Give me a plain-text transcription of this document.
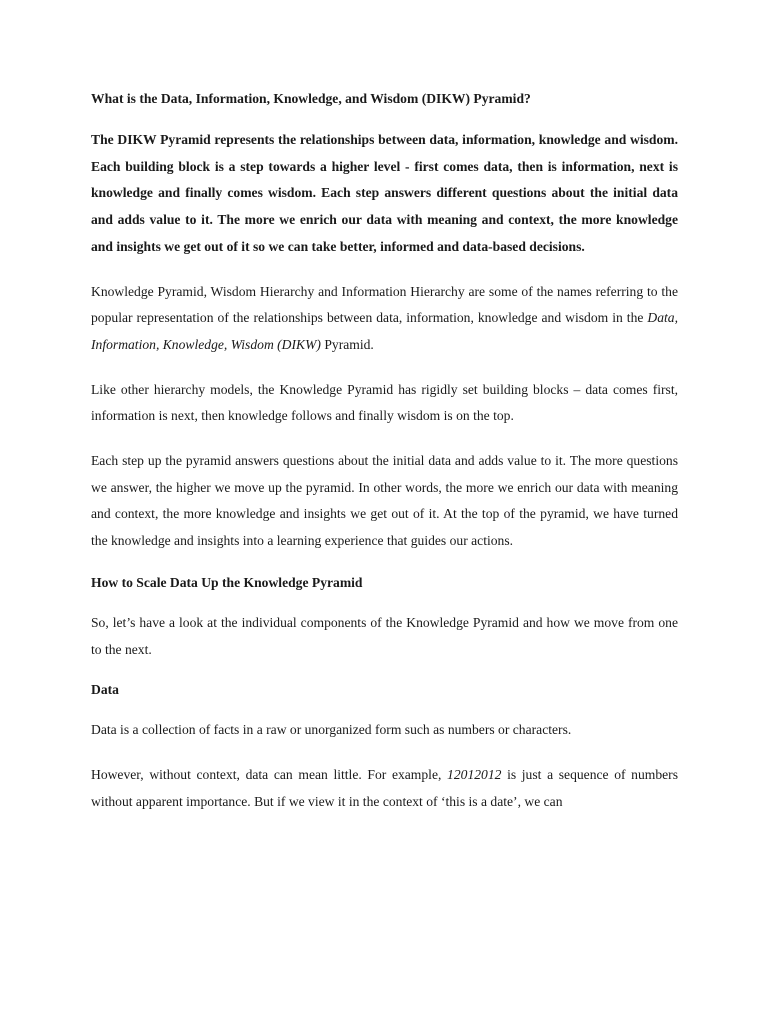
What is the Data, Information, Knowledge, and Wisdom (DIKW) Pyramid?
The DIKW Pyramid represents the relationships between data, information, knowledge and wisdom. Each building block is a step towards a higher level - first comes data, then is information, next is knowledge and finally comes wisdom. Each step answers different questions about the initial data and adds value to it. The more we enrich our data with meaning and context, the more knowledge and insights we get out of it so we can take better, informed and data-based decisions.
Knowledge Pyramid, Wisdom Hierarchy and Information Hierarchy are some of the names referring to the popular representation of the relationships between data, information, knowledge and wisdom in the Data, Information, Knowledge, Wisdom (DIKW) Pyramid.
Like other hierarchy models, the Knowledge Pyramid has rigidly set building blocks – data comes first, information is next, then knowledge follows and finally wisdom is on the top.
Each step up the pyramid answers questions about the initial data and adds value to it. The more questions we answer, the higher we move up the pyramid. In other words, the more we enrich our data with meaning and context, the more knowledge and insights we get out of it. At the top of the pyramid, we have turned the knowledge and insights into a learning experience that guides our actions.
How to Scale Data Up the Knowledge Pyramid
So, let’s have a look at the individual components of the Knowledge Pyramid and how we move from one to the next.
Data
Data is a collection of facts in a raw or unorganized form such as numbers or characters.
However, without context, data can mean little. For example, 12012012 is just a sequence of numbers without apparent importance. But if we view it in the context of ‘this is a date’, we can
